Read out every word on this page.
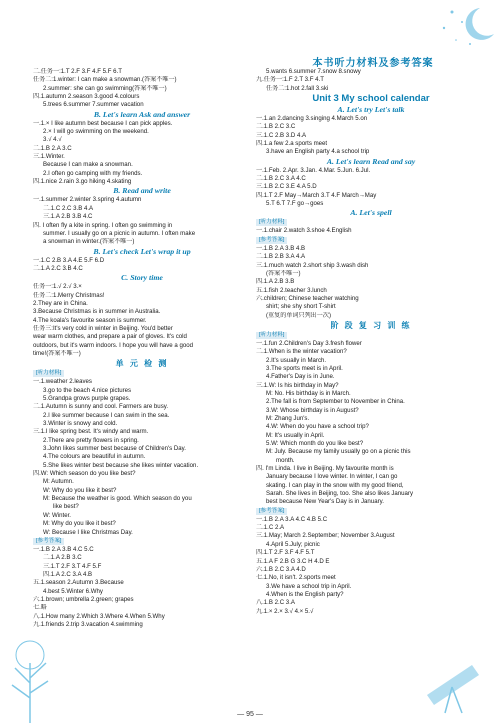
本书听力材料及参考答案
二.任务一:1.T 2.F 3.F 4.F 5.F 6.T
任务二:1.winter: I can make a snowman.(答案不唯一)
2.summer: she can go swimming(答案不唯一)
四.1.autumn 2.season 3.good 4.colours
5.trees 6.summer 7.summer vacation
B. Let's learn Ask and answer
一.1.× I like autumn best because I can pick apples.
2.× I will go swimming on the weekend.
3.√ 4.√
二.1.B 2.A 3.C
三.1.Winter.
Because I can make a snowman.
2.I often go camping with my friends.
四.1.nice 2.rain 3.go hiking 4.skating
B. Read and write
一.1.summer 2.winter 3.spring 4.autumn
二.1.C 2.C 3.B 4.A
三.1.A 2.B 3.B 4.C
四. I often fly a kite in spring. I often go swimming in
summer. I usually go on a picnic in autumn. I often make
a snowman in winter.(答案不唯一)
B. Let's check Let's wrap it up
一.1.C 2.B 3.A 4.E 5.F 6.D
二.1.A 2.C 3.B 4.C
C. Story time
任务一:1.√ 2.√ 3.×
任务二:1.Merry Christmas!
2.They are in China.
3.Because Christmas is in summer in Australia.
4.The koala's favourite season is summer.
任务三:It's very cold in winter in Beijing. You'd better
wear warm clothes, and prepare a pair of gloves. It's cold
outdoors, but it's warm indoors. I hope you will have a good
time!(答案不唯一)
单 元 检 测
[听力材料]
一.1.weather 2.leaves
3.go to the beach 4.nice pictures
5.Grandpa grows purple grapes.
二.1.Autumn is sunny and cool. Farmers are busy.
2.I like summer because I can swim in the sea.
3.Winter is snowy and cold.
三.1.I like spring best. It's windy and warm.
2.There are pretty flowers in spring.
3.John likes summer best because of Children's Day.
4.The colours are beautiful in autumn.
5.She likes winter best because she likes winter vacation.
四.W: Which season do you like best?
M: Autumn.
W: Why do you like it best?
M: Because the weather is good. Which season do you
like best?
W: Winter.
M: Why do you like it best?
W: Because I like Christmas Day.
[参考答案]
一.1.B 2.A 3.B 4.C 5.C
二.1.A 2.B 3.C
三.1.T 2.F 3.T 4.F 5.F
四.1.A 2.C 3.A 4.B
五.1.season 2.Autumn 3.Because
4.best 5.Winter 6.Why
六.1.brown; umbrella 2.green; grapes
七.略
八.1.How many 2.Which 3.Where 4.When 5.Why
九.1.friends 2.trip 3.vacation 4.swimming
5.wants 6.summer 7.snow 8.snowy
九.任务一:1.F 2.T 3.F 4.T
任务二:1.hot 2.fall 3.ski
Unit 3 My school calendar
A. Let's try Let's talk
一.1.an 2.dancing 3.singing 4.March 5.on
二.1.B 2.C 3.C
三.1.C 2.B 3.D 4.A
四.1.a few 2.a sports meet
3.have an English party 4.a school trip
A. Let's learn Read and say
一.1.Feb. 2.Apr. 3.Jan. 4.Mar. 5.Jun. 6.Jul.
二.1.B 2.C 3.A 4.C
三.1.B 2.C 3.E 4.A 5.D
四.1.T 2.F May→March 3.T 4.F March→May
5.T 6.T 7.F go→goes
A. Let's spell
[听力材料]
一.1.chair 2.watch 3.shoe 4.English
[参考答案]
一.1.B 2.A 3.B 4.B
二.1.B 2.B 3.A 4.A
三.1.much watch 2.short ship 3.wash dish
(答案不唯一)
四.1.A 2.B 3.B
五.1.fish 2.teacher 3.lunch
六.children; Chinese teacher watching
shirt; she shy short T-shirt
(重复的单词只列出一次)
阶 段 复 习 训 练
[听力材料]
一.1.fun 2.Children's Day 3.fresh flower
二.1.When is the winter vacation?
2.It's usually in March.
3.The sports meet is in April.
4.Father's Day is in June.
三.1.W: Is his birthday in May?
M: No. His birthday is in March.
2.The fall is from September to November in China.
3.W: Whose birthday is in August?
M: Zhang Jun's.
4.W: When do you have a school trip?
M: It's usually in April.
5.W: Which month do you like best?
M: July. Because my family usually go on a picnic this
month.
四. I'm Linda. I live in Beijing. My favourite month is
January because I love winter. In winter, I can go
skating. I can play in the snow with my good friend,
Sarah. She lives in Beijing, too. She also likes January
best because New Year's Day is in January.
[参考答案]
一.1.B 2.A 3.A 4.C 4.B 5.C
二.1.C 2.A
三.1.May; March 2.September; November 3.August
4.April 5.July; picnic
四.1.T 2.F 3.F 4.F 5.T
五.1.A F 2.B G 3.C H 4.D E
六.1.B 2.C 3.A 4.D
七.1.No, it isn't. 2.sports meet
3.We have a school trip in April.
4.When is the English party?
八.1.B 2.C 3.A
九.1.× 2.× 3.√ 4.× 5.√
— 95 —
